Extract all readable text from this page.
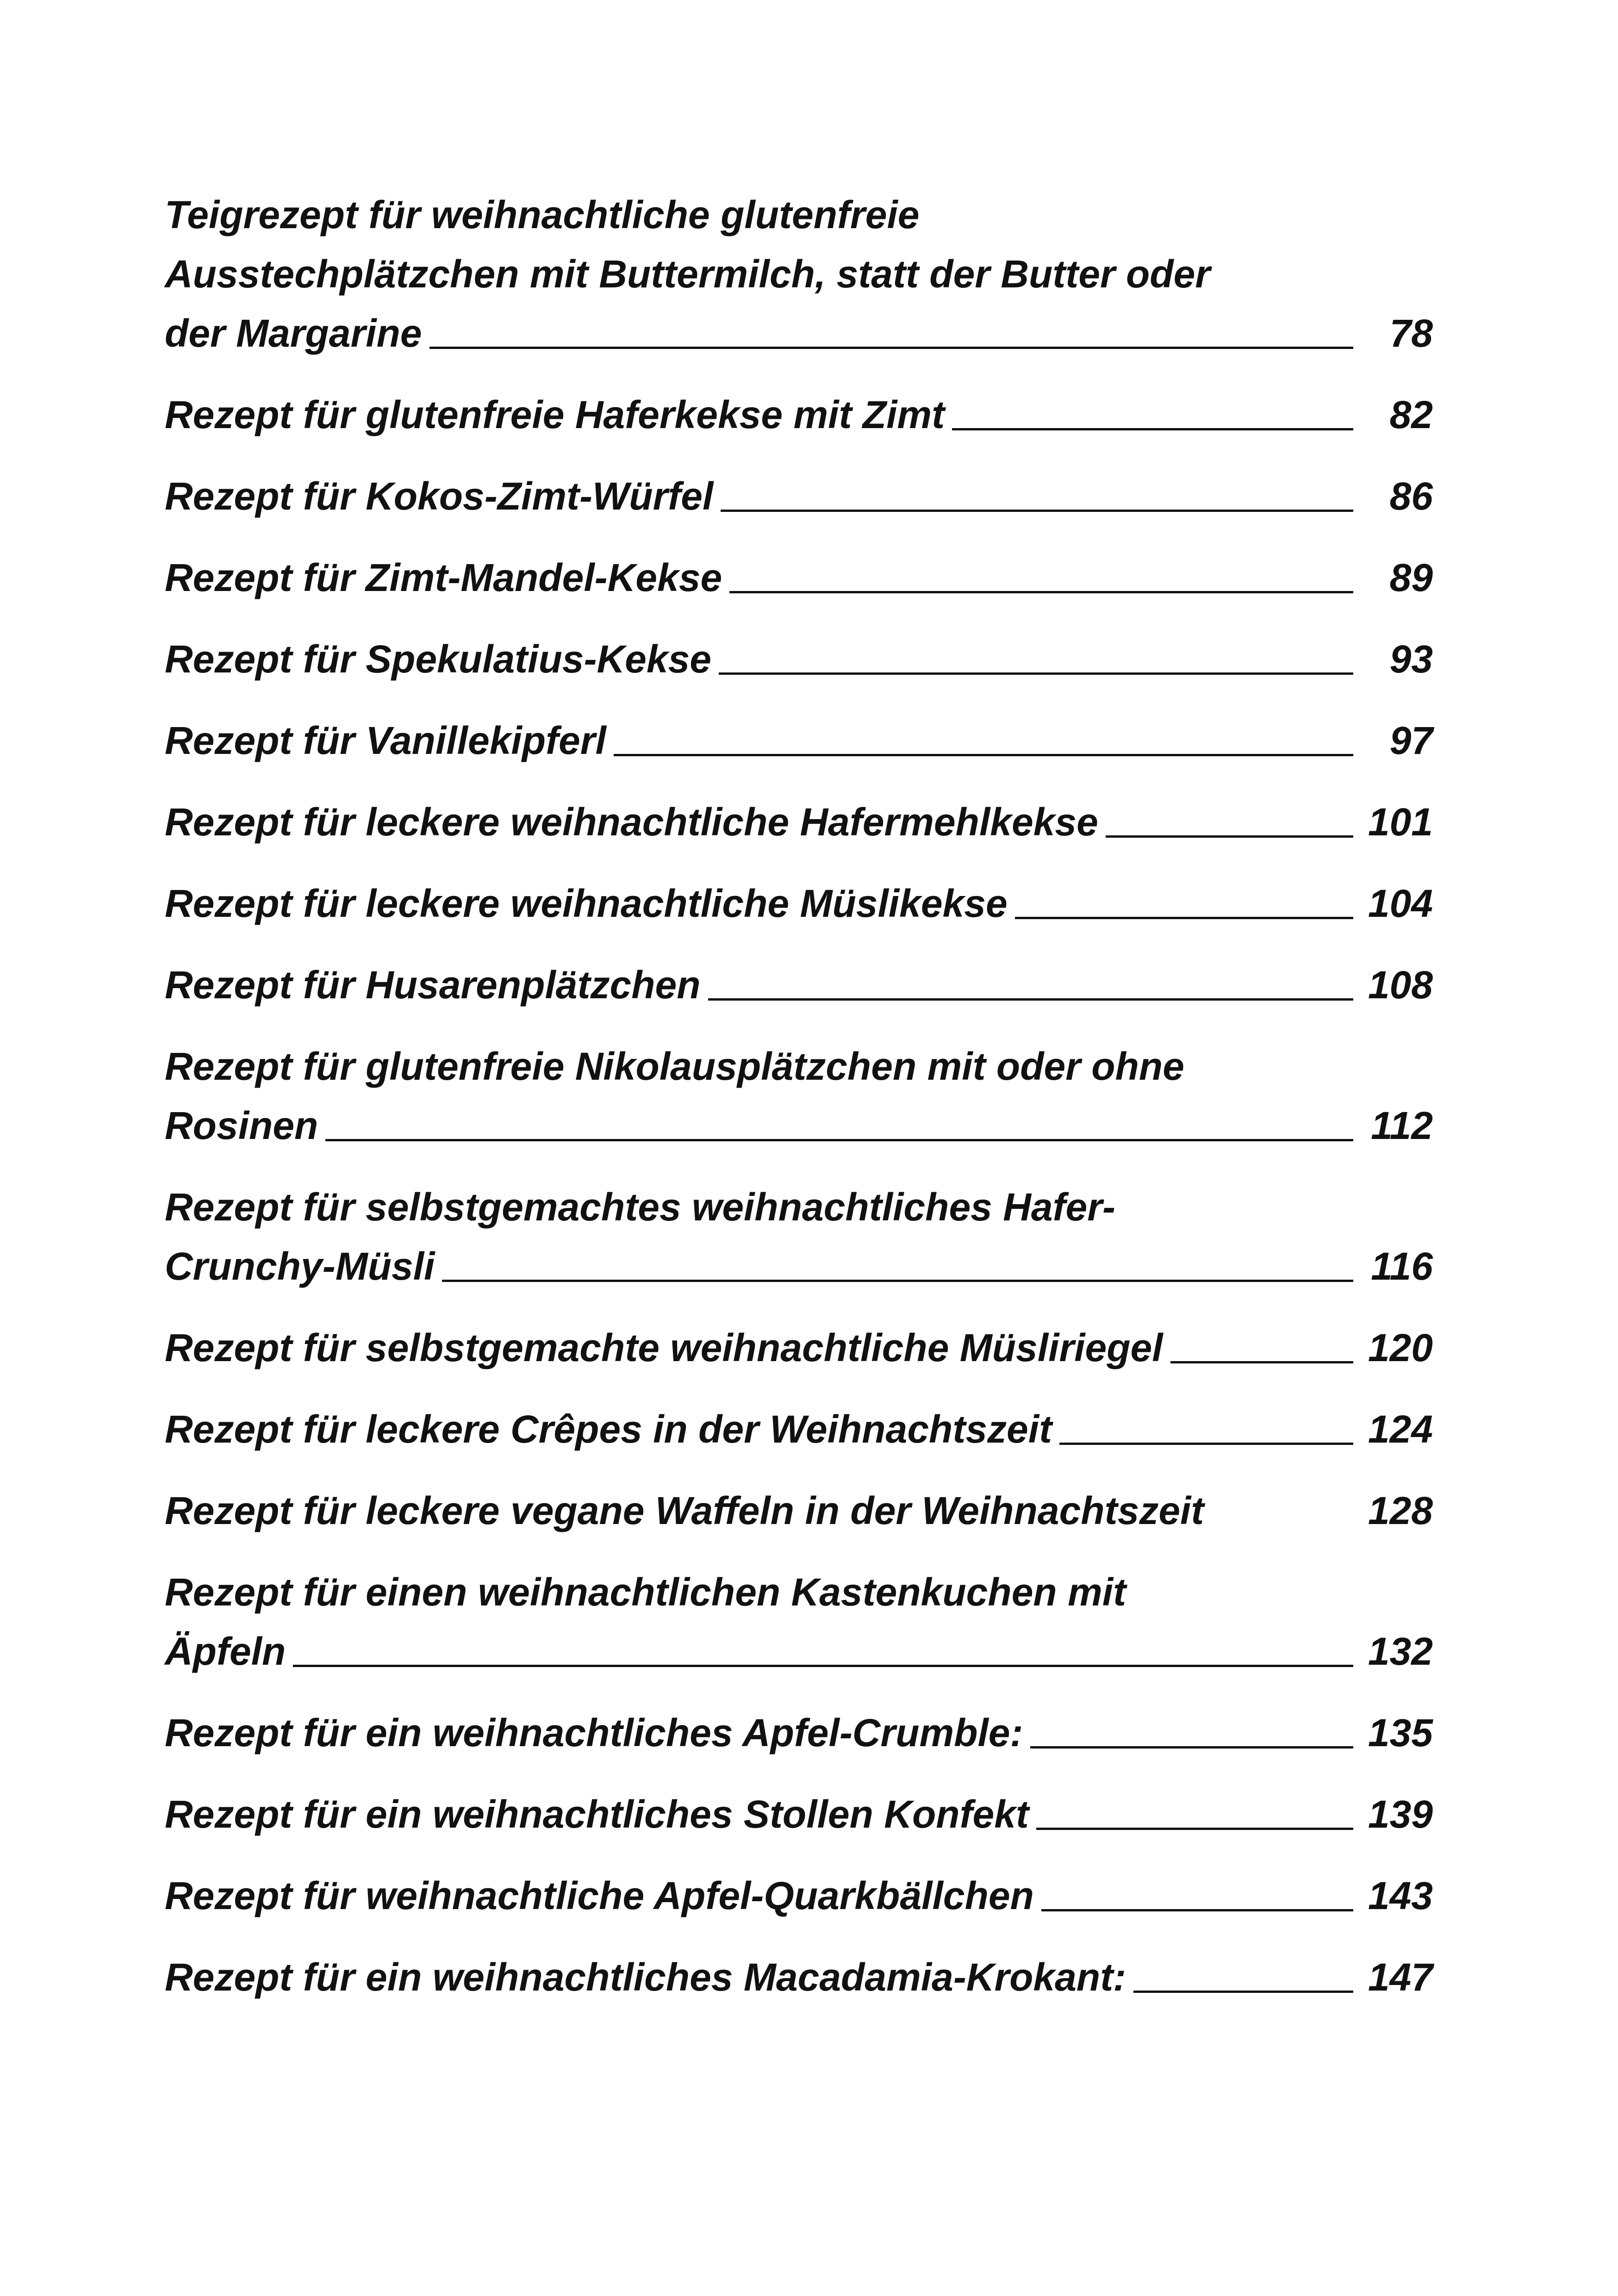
Teigrezept für weihnachtliche glutenfreie
Ausstechplätzchen mit Buttermilch, statt der Butter oder
der Margarine	78
Rezept für glutenfreie Haferkekse mit Zimt	82
Rezept für Kokos-Zimt-Würfel	86
Rezept für Zimt-Mandel-Kekse	89
Rezept für Spekulatius-Kekse	93
Rezept für Vanillekipferl	97
Rezept für leckere weihnachtliche Hafermehlkekse	101
Rezept für leckere weihnachtliche Müslikekse	104
Rezept für Husarenplätzchen	108
Rezept für glutenfreie Nikolausplätzchen mit oder ohne
Rosinen	112
Rezept für selbstgemachtes weihnachtliches Hafer-
Crunchy-Müsli	116
Rezept für selbstgemachte weihnachtliche Müsliriegel	120
Rezept für leckere Crêpes in der Weihnachtszeit	124
Rezept für leckere vegane Waffeln in der Weihnachtszeit	128
Rezept für einen weihnachtlichen Kastenkuchen mit
Äpfeln	132
Rezept für ein weihnachtliches Apfel-Crumble:	135
Rezept für ein weihnachtliches Stollen Konfekt	139
Rezept für weihnachtliche Apfel-Quarkbällchen	143
Rezept für ein weihnachtliches Macadamia-Krokant:	147
